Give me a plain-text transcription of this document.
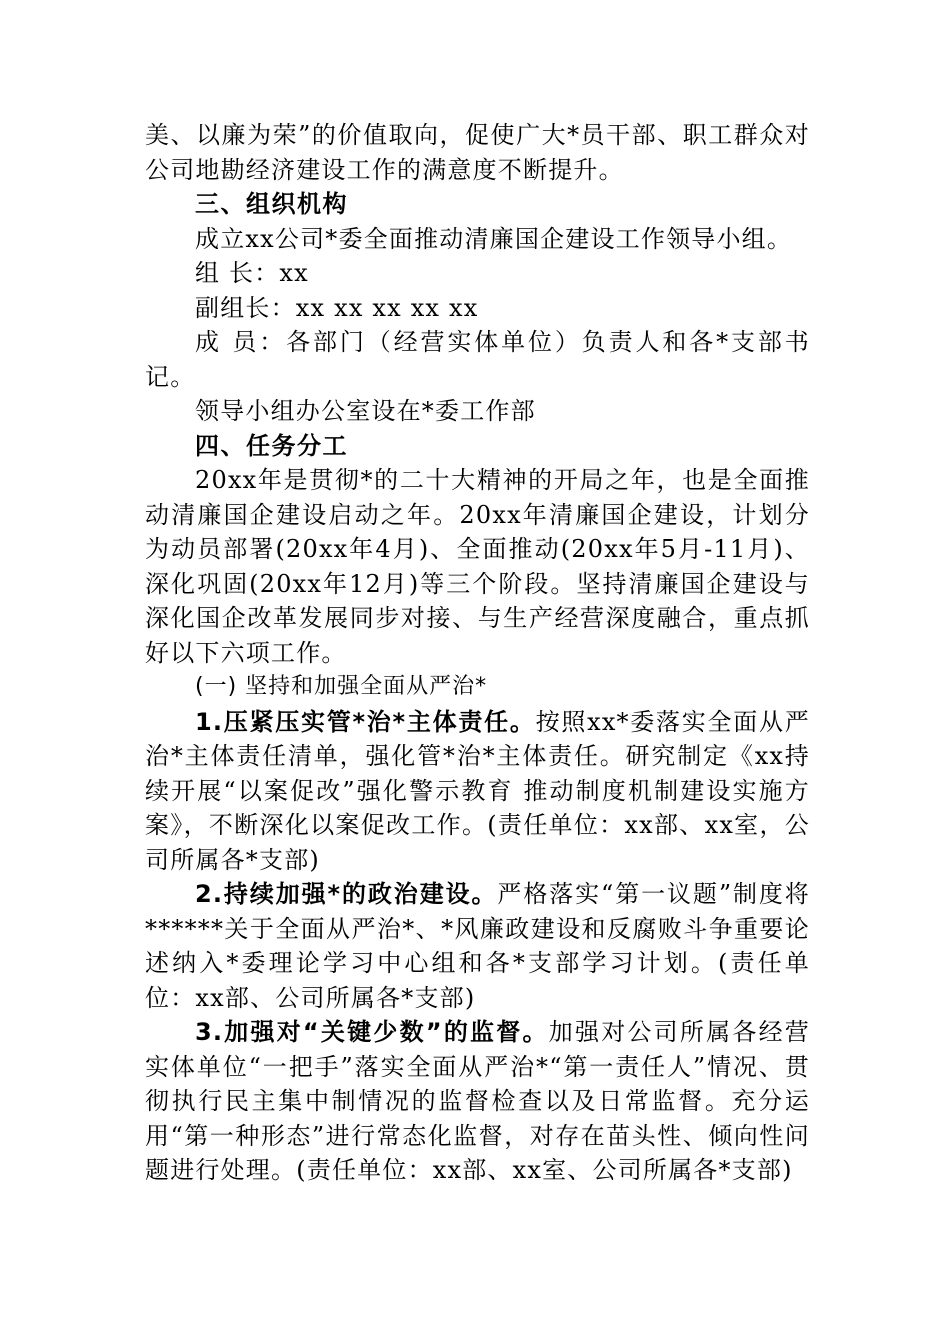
美、以廉为荣”的价值取向，促使广大*员干部、职工群众对公司地勘经济建设工作的满意度不断提升。

三、组织机构

成立xx公司*委全面推动清廉国企建设工作领导小组。

组 长：xx

副组长：xx xx xx xx xx

成 员：各部门（经营实体单位）负责人和各*支部书记。

领导小组办公室设在*委工作部

四、任务分工

20xx年是贯彻*的二十大精神的开局之年，也是全面推动清廉国企建设启动之年。20xx年清廉国企建设，计划分为动员部署(20xx年4月)、全面推动(20xx年5月-11月)、深化巩固(20xx年12月)等三个阶段。坚持清廉国企建设与深化国企改革发展同步对接、与生产经营深度融合，重点抓好以下六项工作。

(一) 坚持和加强全面从严治*

1.压紧压实管*治*主体责任。按照xx*委落实全面从严治*主体责任清单，强化管*治*主体责任。研究制定《xx持续开展“以案促改”强化警示教育 推动制度机制建设实施方案》，不断深化以案促改工作。(责任单位：xx部、xx室，公司所属各*支部)

2.持续加强*的政治建设。严格落实“第一议题”制度将******关于全面从严治*、*风廉政建设和反腐败斗争重要论述纳入*委理论学习中心组和各*支部学习计划。(责任单位：xx部、公司所属各*支部)

3.加强对“关键少数”的监督。加强对公司所属各经营实体单位“一把手”落实全面从严治*“第一责任人”情况、贯彻执行民主集中制情况的监督检查以及日常监督。充分运用“第一种形态”进行常态化监督，对存在苗头性、倾向性问题进行处理。(责任单位：xx部、xx室、公司所属各*支部)
